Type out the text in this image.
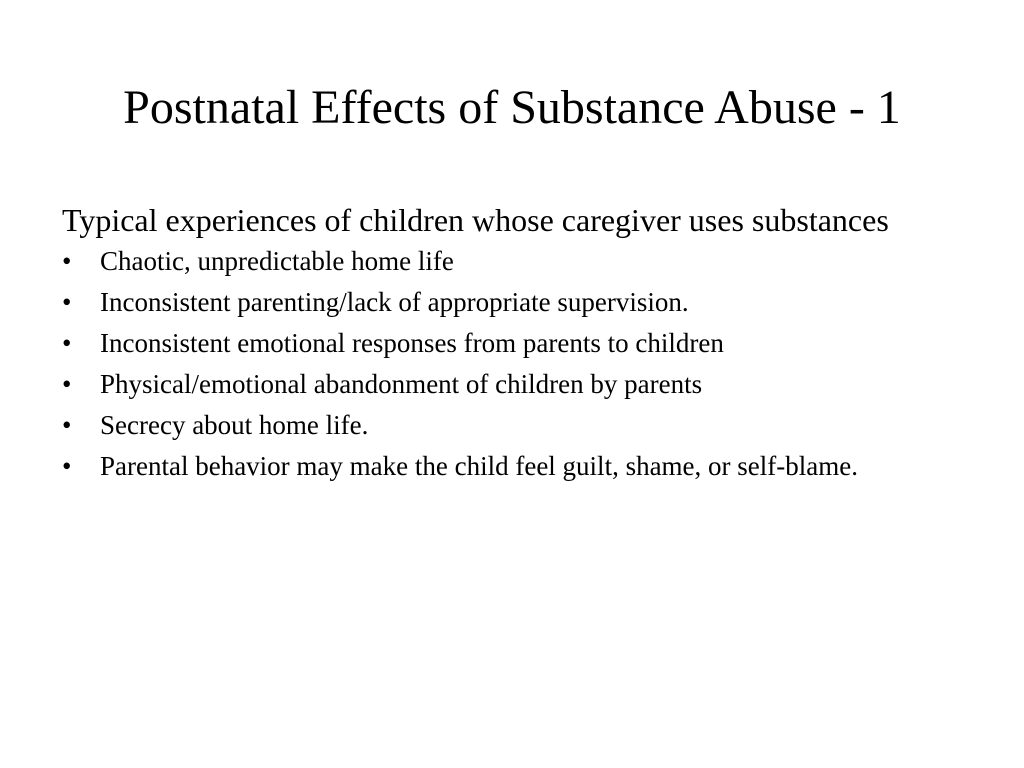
Postnatal Effects of Substance Abuse - 1

Typical experiences of children whose caregiver uses substances

•	Chaotic, unpredictable home life
•	Inconsistent parenting/lack of appropriate supervision.
•	Inconsistent emotional responses from parents to children
•	Physical/emotional abandonment of children by parents
•	Secrecy about home life.
•	Parental behavior may make the child feel guilt, shame, or self-blame.
